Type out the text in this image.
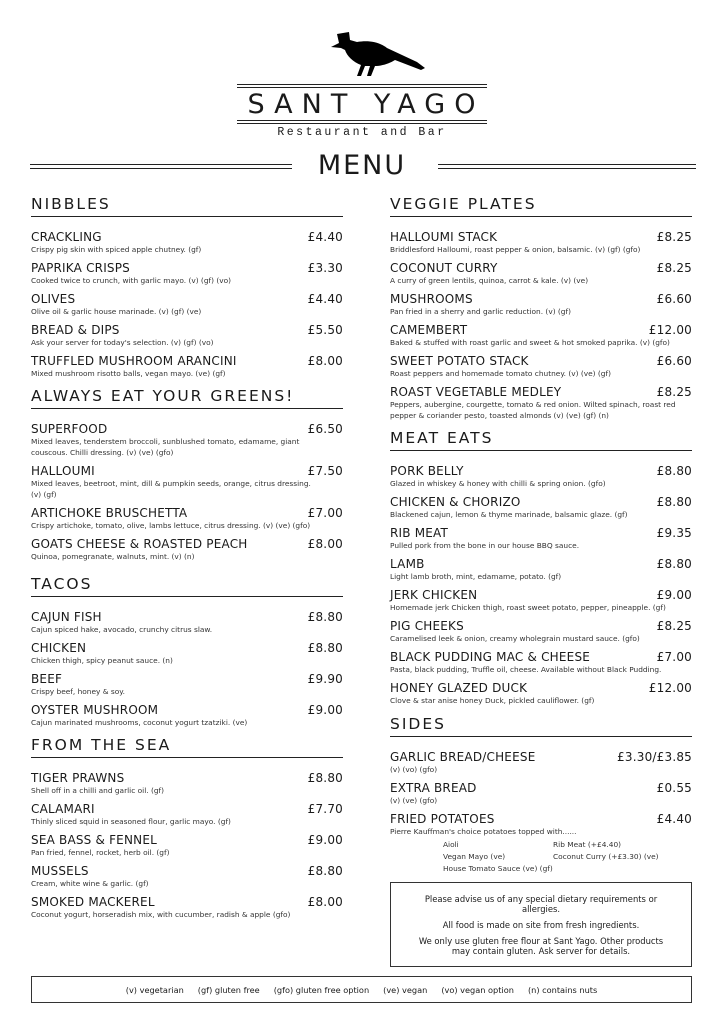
SANT YAGO
Restaurant and Bar
MENU
NIBBLES
CRACKLING	£4.40
Crispy pig skin with spiced apple chutney. (gf)
PAPRIKA CRISPS	£3.30
Cooked twice to crunch, with garlic mayo. (v) (gf) (vo)
OLIVES	£4.40
Olive oil & garlic house marinade. (v) (gf) (ve)
BREAD & DIPS	£5.50
Ask your server for today's selection. (v) (gf) (vo)
TRUFFLED MUSHROOM ARANCINI	£8.00
Mixed mushroom risotto balls, vegan mayo. (ve) (gf)
ALWAYS EAT YOUR GREENS!
SUPERFOOD	£6.50
Mixed leaves, tenderstem broccoli, sunblushed tomato, edamame, giant couscous. Chilli dressing. (v) (ve) (gfo)
HALLOUMI	£7.50
Mixed leaves, beetroot, mint, dill & pumpkin seeds, orange, citrus dressing. (v) (gf)
ARTICHOKE BRUSCHETTA	£7.00
Crispy artichoke, tomato, olive, lambs lettuce, citrus dressing. (v) (ve) (gfo)
GOATS CHEESE & ROASTED PEACH	£8.00
Quinoa, pomegranate, walnuts, mint. (v) (n)
TACOS
CAJUN FISH	£8.80
Cajun spiced hake, avocado, crunchy citrus slaw.
CHICKEN	£8.80
Chicken thigh, spicy peanut sauce. (n)
BEEF	£9.90
Crispy beef, honey & soy.
OYSTER MUSHROOM	£9.00
Cajun marinated mushrooms, coconut yogurt tzatziki. (ve)
FROM THE SEA
TIGER PRAWNS	£8.80
Shell off in a chilli and garlic oil. (gf)
CALAMARI	£7.70
Thinly sliced squid in seasoned flour, garlic mayo. (gf)
SEA BASS & FENNEL	£9.00
Pan fried, fennel, rocket, herb oil. (gf)
MUSSELS	£8.80
Cream, white wine & garlic. (gf)
SMOKED MACKEREL	£8.00
Coconut yogurt, horseradish mix, with cucumber, radish & apple (gfo)
VEGGIE PLATES
HALLOUMI STACK	£8.25
Briddlesford Halloumi, roast pepper & onion, balsamic. (v) (gf) (gfo)
COCONUT CURRY	£8.25
A curry of green lentils, quinoa, carrot & kale. (v) (ve)
MUSHROOMS	£6.60
Pan fried in a sherry and garlic reduction. (v) (gf)
CAMEMBERT	£12.00
Baked & stuffed with roast garlic and sweet & hot smoked paprika. (v) (gfo)
SWEET POTATO STACK	£6.60
Roast peppers and homemade tomato chutney. (v) (ve) (gf)
ROAST VEGETABLE MEDLEY	£8.25
Peppers, aubergine, courgette, tomato & red onion. Wilted spinach, roast red pepper & coriander pesto, toasted almonds (v) (ve) (gf) (n)
MEAT EATS
PORK BELLY	£8.80
Glazed in whiskey & honey with chilli & spring onion. (gfo)
CHICKEN & CHORIZO	£8.80
Blackened cajun, lemon & thyme marinade, balsamic glaze. (gf)
RIB MEAT	£9.35
Pulled pork from the bone in our house BBQ sauce.
LAMB	£8.80
Light lamb broth, mint, edamame, potato. (gf)
JERK CHICKEN	£9.00
Homemade jerk Chicken thigh, roast sweet potato, pepper, pineapple. (gf)
PIG CHEEKS	£8.25
Caramelised leek & onion, creamy wholegrain mustard sauce. (gfo)
BLACK PUDDING MAC & CHEESE	£7.00
Pasta, black pudding, Truffle oil, cheese. Available without Black Pudding.
HONEY GLAZED DUCK	£12.00
Clove & star anise honey Duck, pickled cauliflower. (gf)
SIDES
GARLIC BREAD/CHEESE	£3.30/£3.85
(v) (vo) (gfo)
EXTRA BREAD	£0.55
(v) (ve) (gfo)
FRIED POTATOES	£4.40
Pierre Kauffman's choice potatoes topped with......
Aioli	Rib Meat (+£4.40)
Vegan Mayo (ve)	Coconut Curry (+£3.30) (ve)
House Tomato Sauce (ve) (gf)

Please advise us of any special dietary requirements or allergies.

All food is made on site from fresh ingredients.

We only use gluten free flour at Sant Yago. Other products may contain gluten. Ask server for details.

(v) vegetarian (gf) gluten free (gfo) gluten free option (ve) vegan (vo) vegan option (n) contains nuts
